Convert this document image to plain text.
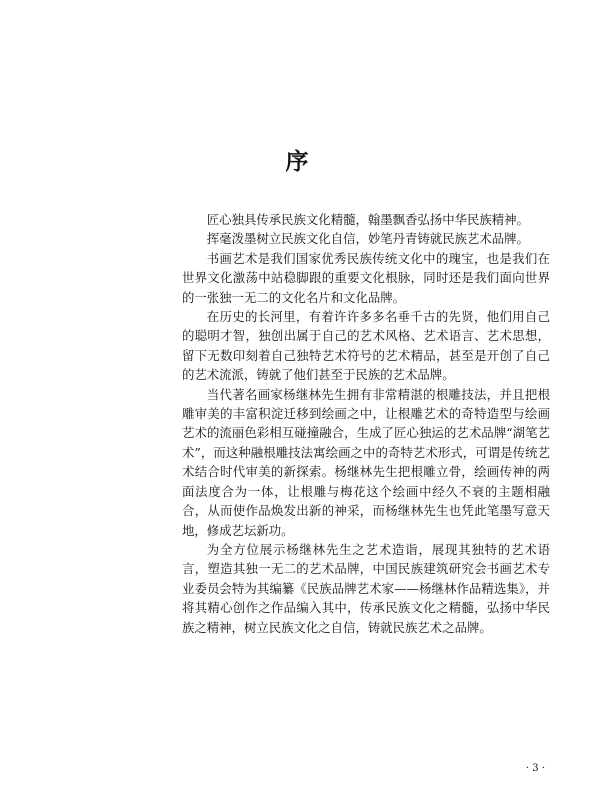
序

匠心独具传承民族文化精髓，翰墨飘香弘扬中华民族精神。

挥毫泼墨树立民族文化自信，妙笔丹青铸就民族艺术品牌。

书画艺术是我们国家优秀民族传统文化中的瑰宝，也是我们在世界文化激荡中站稳脚跟的重要文化根脉，同时还是我们面向世界的一张独一无二的文化名片和文化品牌。

在历史的长河里，有着许许多多名垂千古的先贤，他们用自己的聪明才智，独创出属于自己的艺术风格、艺术语言、艺术思想，留下无数印刻着自己独特艺术符号的艺术精品，甚至是开创了自己的艺术流派，铸就了他们甚至于民族的艺术品牌。

当代著名画家杨继林先生拥有非常精湛的根雕技法，并且把根雕审美的丰富积淀迁移到绘画之中，让根雕艺术的奇特造型与绘画艺术的流丽色彩相互碰撞融合，生成了匠心独运的艺术品牌“湖笔艺术”，而这种融根雕技法寓绘画之中的奇特艺术形式，可谓是传统艺术结合时代审美的新探索。杨继林先生把根雕立骨，绘画传神的两面法度合为一体，让根雕与梅花这个绘画中经久不衰的主题相融合，从而使作品焕发出新的神采，而杨继林先生也凭此笔墨写意天地，修成艺坛新功。

为全方位展示杨继林先生之艺术造诣，展现其独特的艺术语言，塑造其独一无二的艺术品牌，中国民族建筑研究会书画艺术专业委员会特为其编纂《民族品牌艺术家——杨继林作品精选集》，并将其精心创作之作品编入其中，传承民族文化之精髓，弘扬中华民族之精神，树立民族文化之自信，铸就民族艺术之品牌。

· 3 ·
